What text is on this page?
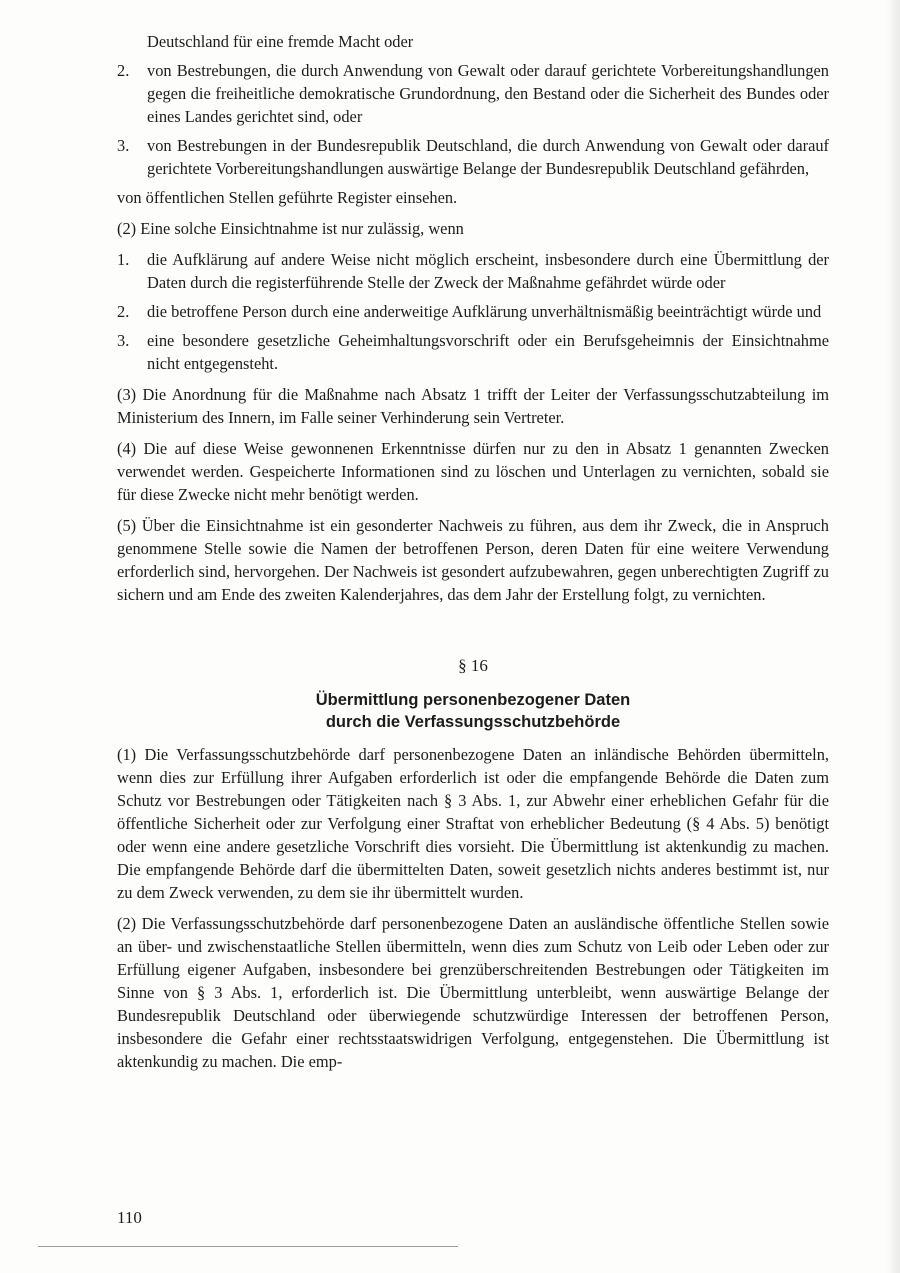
Deutschland für eine fremde Macht oder

2.	von Bestrebungen, die durch Anwendung von Gewalt oder darauf gerichtete Vorbereitungshandlungen gegen die freiheitliche demokratische Grundordnung, den Bestand oder die Sicherheit des Bundes oder eines Landes gerichtet sind, oder
3.	von Bestrebungen in der Bundesrepublik Deutschland, die durch Anwendung von Gewalt oder darauf gerichtete Vorbereitungshandlungen auswärtige Belange der Bundesrepublik Deutschland gefährden,

von öffentlichen Stellen geführte Register einsehen.

(2) Eine solche Einsichtnahme ist nur zulässig, wenn

1.	die Aufklärung auf andere Weise nicht möglich erscheint, insbesondere durch eine Übermittlung der Daten durch die registerführende Stelle der Zweck der Maßnahme gefährdet würde oder
2.	die betroffene Person durch eine anderweitige Aufklärung unverhältnismäßig beeinträchtigt würde und
3.	eine besondere gesetzliche Geheimhaltungsvorschrift oder ein Berufsgeheimnis der Einsichtnahme nicht entgegensteht.

(3) Die Anordnung für die Maßnahme nach Absatz 1 trifft der Leiter der Verfassungsschutzabteilung im Ministerium des Innern, im Falle seiner Verhinderung sein Vertreter.

(4) Die auf diese Weise gewonnenen Erkenntnisse dürfen nur zu den in Absatz 1 genannten Zwecken verwendet werden. Gespeicherte Informationen sind zu löschen und Unterlagen zu vernichten, sobald sie für diese Zwecke nicht mehr benötigt werden.

(5) Über die Einsichtnahme ist ein gesonderter Nachweis zu führen, aus dem ihr Zweck, die in Anspruch genommene Stelle sowie die Namen der betroffenen Person, deren Daten für eine weitere Verwendung erforderlich sind, hervorgehen. Der Nachweis ist gesondert aufzubewahren, gegen unberechtigten Zugriff zu sichern und am Ende des zweiten Kalenderjahres, das dem Jahr der Erstellung folgt, zu vernichten.

§ 16
Übermittlung personenbezogener Daten
durch die Verfassungsschutzbehörde

(1) Die Verfassungsschutzbehörde darf personenbezogene Daten an inländische Behörden übermitteln, wenn dies zur Erfüllung ihrer Aufgaben erforderlich ist oder die empfangende Behörde die Daten zum Schutz vor Bestrebungen oder Tätigkeiten nach § 3 Abs. 1, zur Abwehr einer erheblichen Gefahr für die öffentliche Sicherheit oder zur Verfolgung einer Straftat von erheblicher Bedeutung (§ 4 Abs. 5) benötigt oder wenn eine andere gesetzliche Vorschrift dies vorsieht. Die Übermittlung ist aktenkundig zu machen. Die empfangende Behörde darf die übermittelten Daten, soweit gesetzlich nichts anderes bestimmt ist, nur zu dem Zweck verwenden, zu dem sie ihr übermittelt wurden.

(2) Die Verfassungsschutzbehörde darf personenbezogene Daten an ausländische öffentliche Stellen sowie an über- und zwischenstaatliche Stellen übermitteln, wenn dies zum Schutz von Leib oder Leben oder zur Erfüllung eigener Aufgaben, insbesondere bei grenzüberschreitenden Bestrebungen oder Tätigkeiten im Sinne von § 3 Abs. 1, erforderlich ist. Die Übermittlung unterbleibt, wenn auswärtige Belange der Bundesrepublik Deutschland oder überwiegende schutzwürdige Interessen der betroffenen Person, insbesondere die Gefahr einer rechtsstaatswidrigen Verfolgung, entgegenstehen. Die Übermittlung ist aktenkundig zu machen. Die emp-

110
